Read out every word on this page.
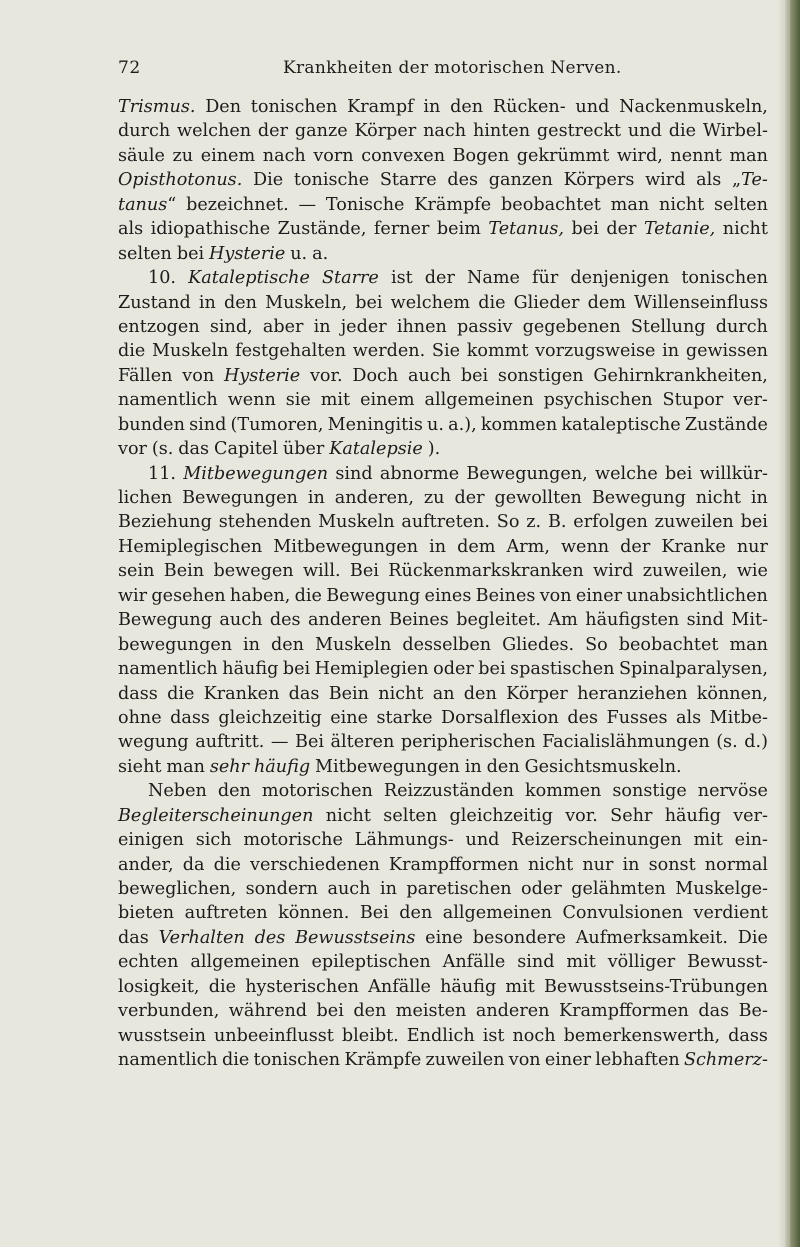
72	Krankheiten der motorischen Nerven.
Trismus. Den tonischen Krampf in den Rücken- und Nackenmuskeln,
durch welchen der ganze Körper nach hinten gestreckt und die Wirbel-
säule zu einem nach vorn convexen Bogen gekrümmt wird, nennt man
Opisthotonus. Die tonische Starre des ganzen Körpers wird als „Te-
tanus“ bezeichnet. — Tonische Krämpfe beobachtet man nicht selten
als idiopathische Zustände, ferner beim Tetanus, bei der Tetanie, nicht
selten bei Hysterie u. a.
10. Kataleptische Starre ist der Name für denjenigen tonischen
Zustand in den Muskeln, bei welchem die Glieder dem Willenseinfluss
entzogen sind, aber in jeder ihnen passiv gegebenen Stellung durch
die Muskeln festgehalten werden. Sie kommt vorzugsweise in gewissen
Fällen von Hysterie vor. Doch auch bei sonstigen Gehirnkrankheiten,
namentlich wenn sie mit einem allgemeinen psychischen Stupor ver-
bunden sind (Tumoren, Meningitis u. a.), kommen kataleptische Zustände
vor (s. das Capitel über Katalepsie ).
11. Mitbewegungen sind abnorme Bewegungen, welche bei willkür-
lichen Bewegungen in anderen, zu der gewollten Bewegung nicht in
Beziehung stehenden Muskeln auftreten. So z. B. erfolgen zuweilen bei
Hemiplegischen Mitbewegungen in dem Arm, wenn der Kranke nur
sein Bein bewegen will. Bei Rückenmarkskranken wird zuweilen, wie
wir gesehen haben, die Bewegung eines Beines von einer unabsichtlichen
Bewegung auch des anderen Beines begleitet. Am häufigsten sind Mit-
bewegungen in den Muskeln desselben Gliedes. So beobachtet man
namentlich häufig bei Hemiplegien oder bei spastischen Spinalparalysen,
dass die Kranken das Bein nicht an den Körper heranziehen können,
ohne dass gleichzeitig eine starke Dorsalflexion des Fusses als Mitbe-
wegung auftritt. — Bei älteren peripherischen Facialislähmungen (s. d.)
sieht man sehr häufig Mitbewegungen in den Gesichtsmuskeln.
Neben den motorischen Reizzuständen kommen sonstige nervöse
Begleiterscheinungen nicht selten gleichzeitig vor. Sehr häufig ver-
einigen sich motorische Lähmungs- und Reizerscheinungen mit ein-
ander, da die verschiedenen Krampfformen nicht nur in sonst normal
beweglichen, sondern auch in paretischen oder gelähmten Muskelge-
bieten auftreten können. Bei den allgemeinen Convulsionen verdient
das Verhalten des Bewusstseins eine besondere Aufmerksamkeit. Die
echten allgemeinen epileptischen Anfälle sind mit völliger Bewusst-
losigkeit, die hysterischen Anfälle häufig mit Bewusstseins-Trübungen
verbunden, während bei den meisten anderen Krampfformen das Be-
wusstsein unbeeinflusst bleibt. Endlich ist noch bemerkenswerth, dass
namentlich die tonischen Krämpfe zuweilen von einer lebhaften Schmerz-
